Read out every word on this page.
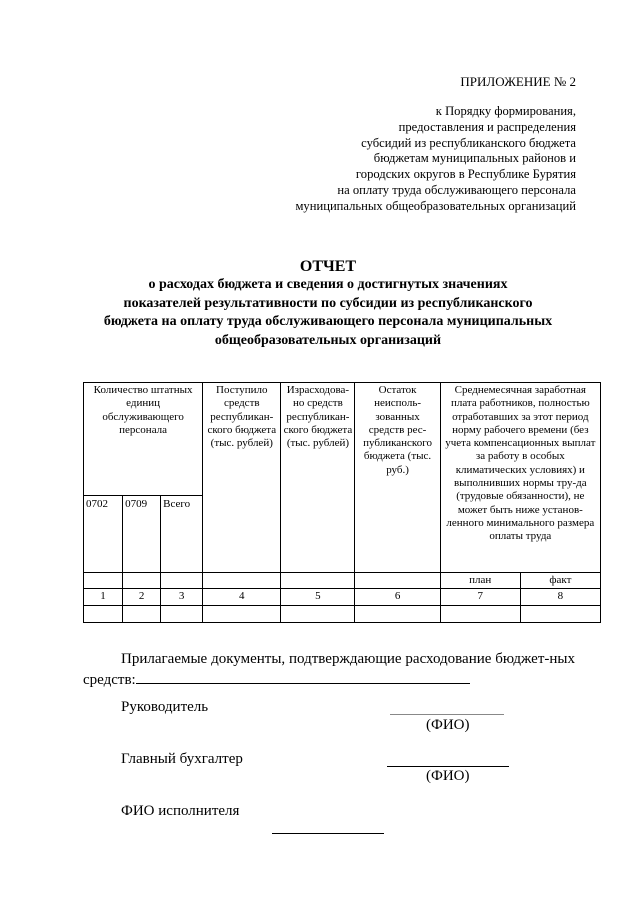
ПРИЛОЖЕНИЕ № 2
к Порядку формирования,
предоставления и распределения
субсидий из республиканского бюджета
бюджетам муниципальных районов и
городских округов в Республике Бурятия
на оплату труда обслуживающего персонала
муниципальных общеобразовательных организаций
ОТЧЕТ
о расходах бюджета и сведения о достигнутых значениях
показателей результативности по субсидии из республиканского
бюджета на оплату труда обслуживающего персонала муниципальных
общеобразовательных организаций
Количество штатных единиц обслуживающего персонала			Поступило средств республикан-ского бюджета (тыс. рублей)	Израсходова-но средств республикан-ского бюджета (тыс. рублей)	Остаток неисполь-зованных средств рес-публиканского бюджета (тыс. руб.)	Среднемесячная заработная плата работников, полностью отработавших за этот период норму рабочего времени (без учета компенсационных выплат за работу в особых климатических условиях) и выполнивших нормы тру-да (трудовые обязанности), не может быть ниже установ-ленного минимального размера оплаты труда	
0702	0709	Всего					
						план	факт
1	2	3	4	5	6	7	8

Прилагаемые документы, подтверждающие расходование бюджет-ных средств:
Руководитель
(ФИО)
Главный бухгалтер
(ФИО)
ФИО исполнителя
